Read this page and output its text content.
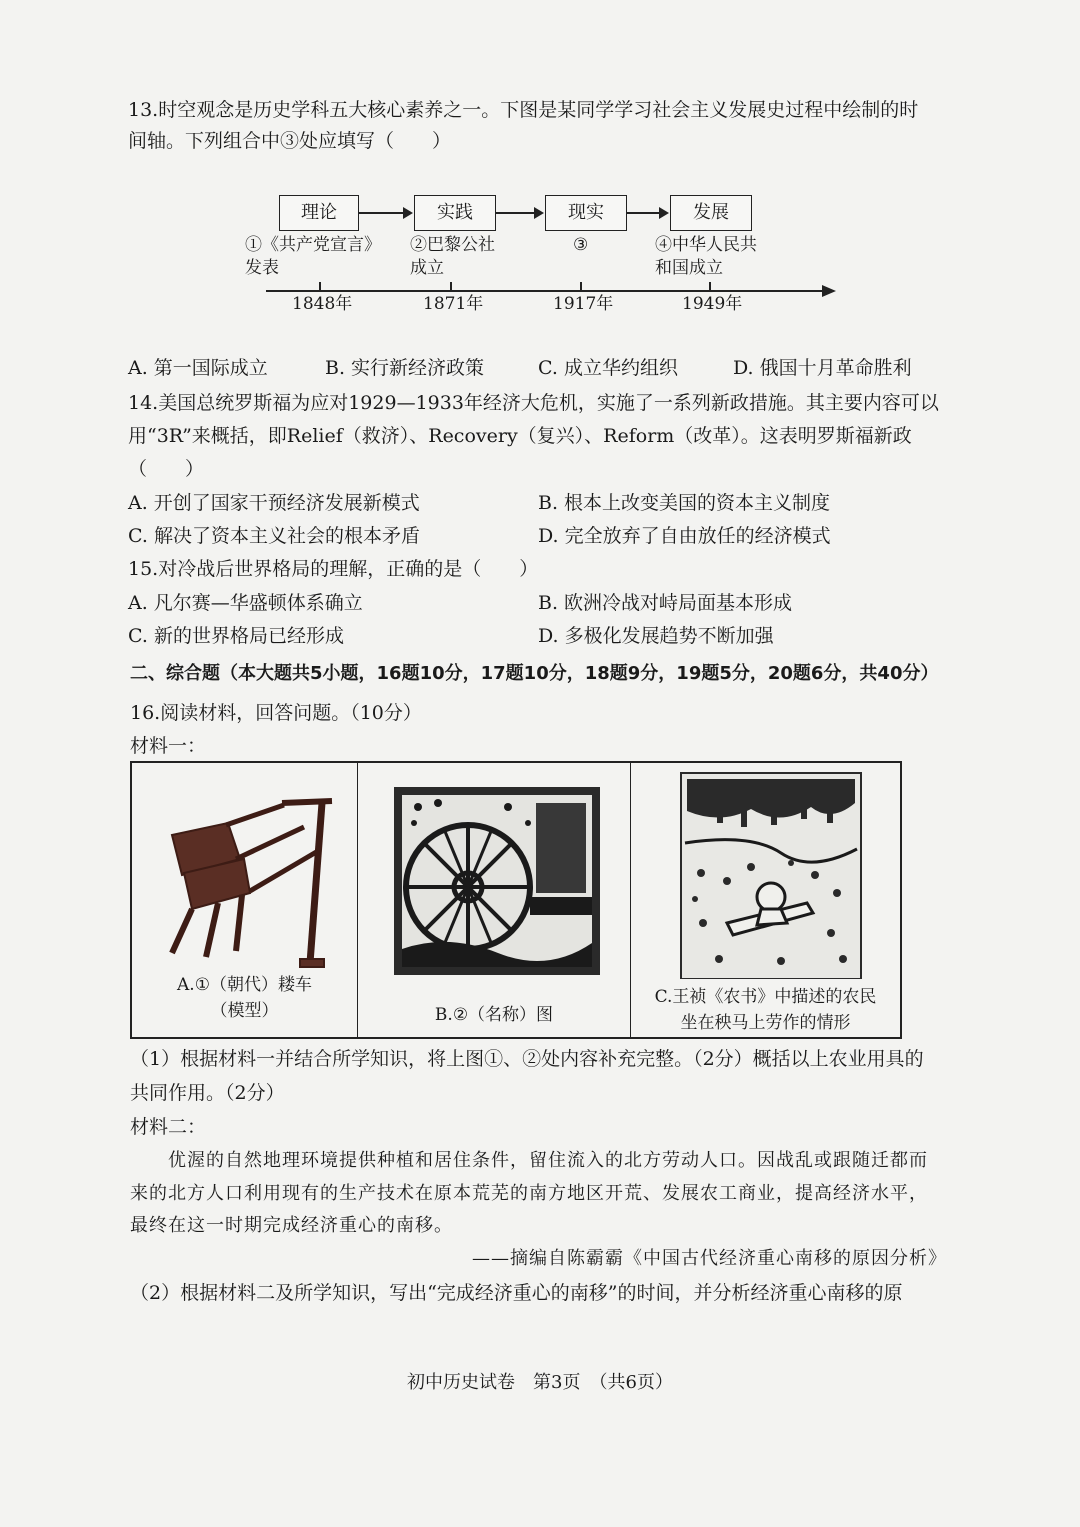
13.时空观念是历史学科五大核心素养之一。下图是某同学学习社会主义发展史过程中绘制的时
间轴。下列组合中③处应填写（　　）
理论	实践	现实	发展
①《共产党宣言》
发表
②巴黎公社
成立
③	④中华人民共
和国成立
1848年	1871年	1917年	1949年
A. 第一国际成立	B. 实行新经济政策	C. 成立华约组织	D. 俄国十月革命胜利
14.美国总统罗斯福为应对1929—1933年经济大危机，实施了一系列新政措施。其主要内容可以
用“3R”来概括，即Relief（救济）、Recovery（复兴）、Reform（改革）。这表明罗斯福新政
（　　）
A. 开创了国家干预经济发展新模式	B. 根本上改变美国的资本主义制度
C. 解决了资本主义社会的根本矛盾	D. 完全放弃了自由放任的经济模式
15.对冷战后世界格局的理解，正确的是（　　）
A. 凡尔赛—华盛顿体系确立	B. 欧洲冷战对峙局面基本形成
C. 新的世界格局已经形成	D. 多极化发展趋势不断加强
二、综合题（本大题共5小题，16题10分，17题10分，18题9分，19题5分，20题6分，共40分）
16.阅读材料，回答问题。（10分）
材料一：
A.①（朝代）耧车
（模型）	B.②（名称）图
C.王祯《农书》中描述的农民
坐在秧马上劳作的情形
（1）根据材料一并结合所学知识，将上图①、②处内容补充完整。（2分）概括以上农业用具的
共同作用。（2分）
材料二：
优渥的自然地理环境提供种植和居住条件，留住流入的北方劳动人口。因战乱或跟随迁都而
来的北方人口利用现有的生产技术在原本荒芜的南方地区开荒、发展农工商业，提高经济水平，
最终在这一时期完成经济重心的南移。
——摘编自陈霸霸《中国古代经济重心南移的原因分析》
（2）根据材料二及所学知识，写出“完成经济重心的南移”的时间，并分析经济重心南移的原
初中历史试卷　第3页　（共6页）
